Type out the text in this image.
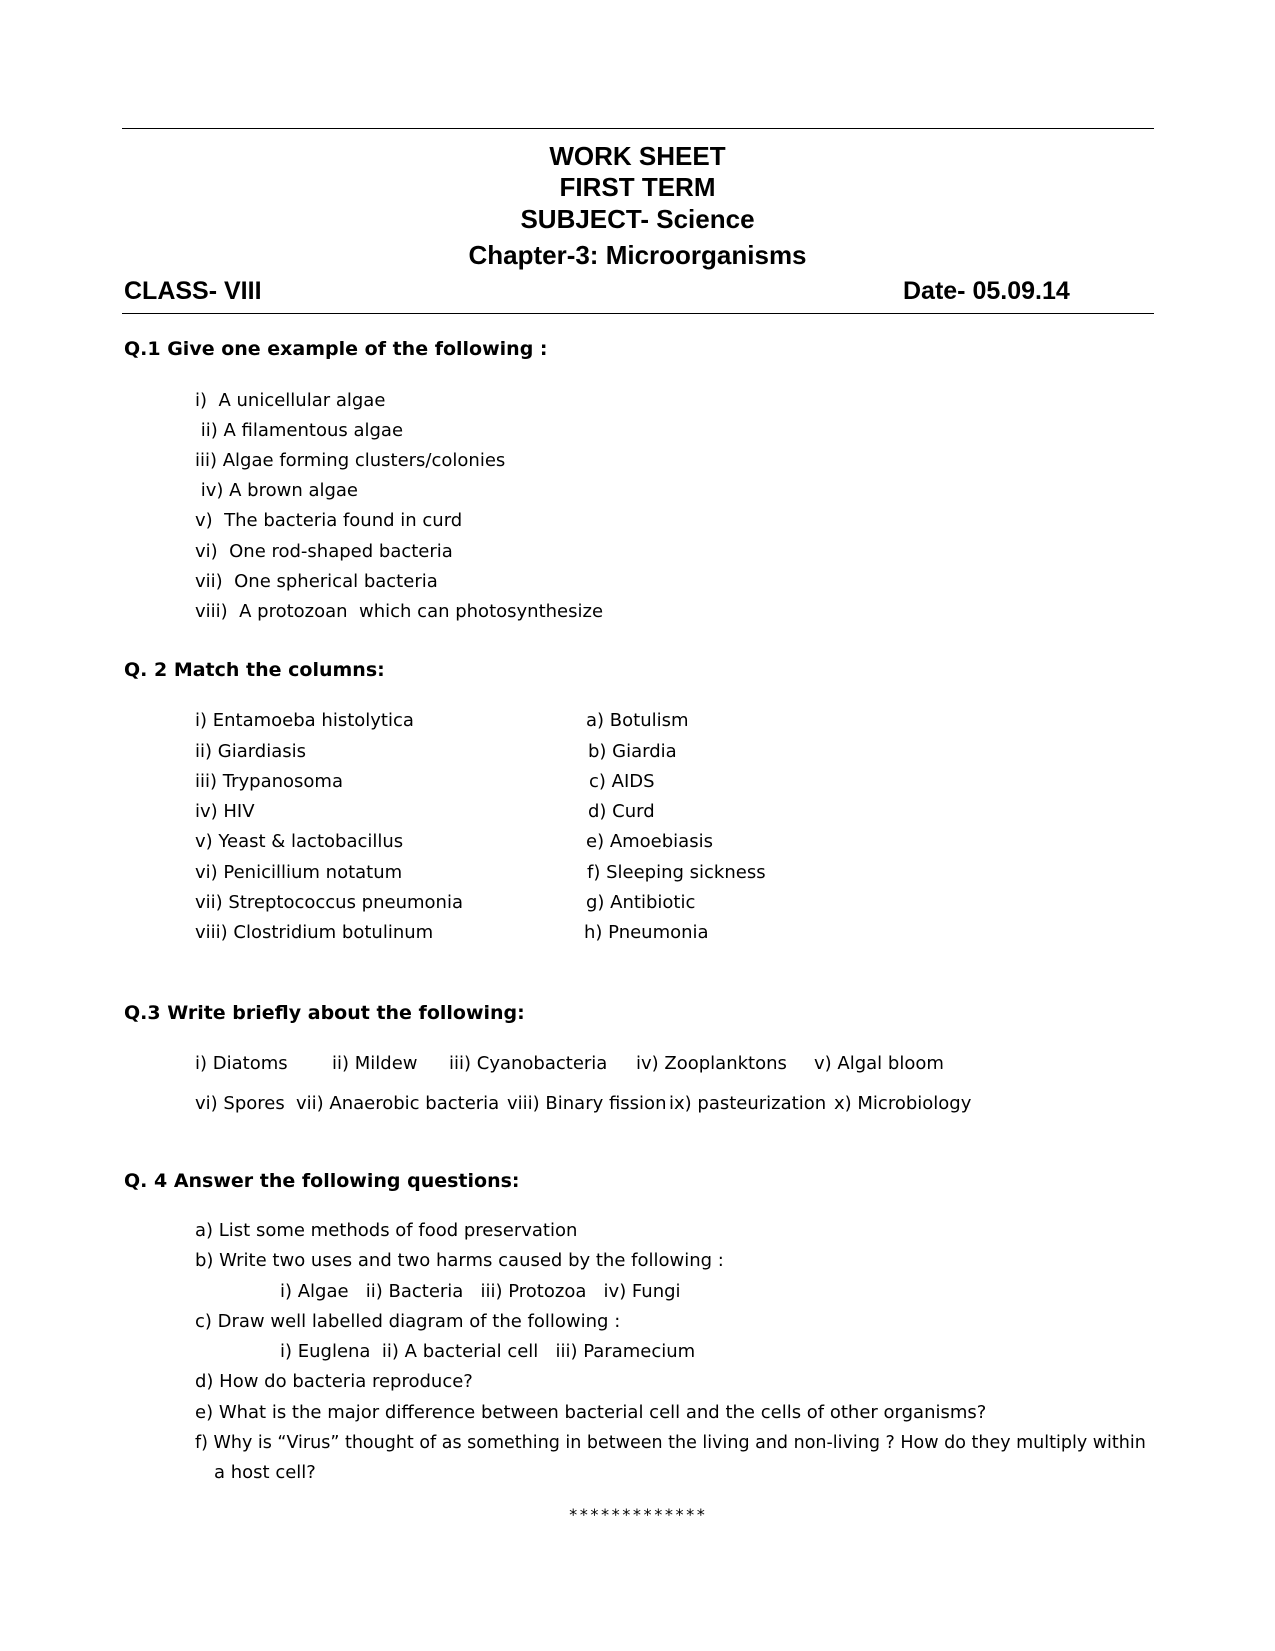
WORK SHEET
FIRST TERM
SUBJECT- Science
Chapter-3: Microorganisms
CLASS- VIII	Date- 05.09.14
Q.1 Give one example of the following :
i)  A unicellular algae
ii) A filamentous algae
iii) Algae forming clusters/colonies
iv) A brown algae
v)  The bacteria found in curd
vi)  One rod-shaped bacteria
vii)  One spherical bacteria
viii)  A protozoan  which can photosynthesize
Q. 2 Match the columns:
i) Entamoeba histolytica
ii) Giardiasis
iii) Trypanosoma
iv) HIV
v) Yeast & lactobacillus
vi) Penicillium notatum
vii) Streptococcus pneumonia
viii) Clostridium botulinum
a) Botulism
b) Giardia
c) AIDS
d) Curd
e) Amoebiasis
f) Sleeping sickness
g) Antibiotic
h) Pneumonia
Q.3 Write briefly about the following:
i) Diatoms ii) Mildew iii) Cyanobacteria iv) Zooplanktons v) Algal bloom
vi) Spores vii) Anaerobic bacteria viii) Binary fission ix) pasteurization x) Microbiology
Q. 4 Answer the following questions:
a) List some methods of food preservation
b) Write two uses and two harms caused by the following :
i) Algae   ii) Bacteria   iii) Protozoa   iv) Fungi
c) Draw well labelled diagram of the following :
i) Euglena  ii) A bacterial cell   iii) Paramecium
d) How do bacteria reproduce?
e) What is the major difference between bacterial cell and the cells of other organisms?
f) Why is “Virus” thought of as something in between the living and non-living ? How do they multiply within
a host cell?
*************
